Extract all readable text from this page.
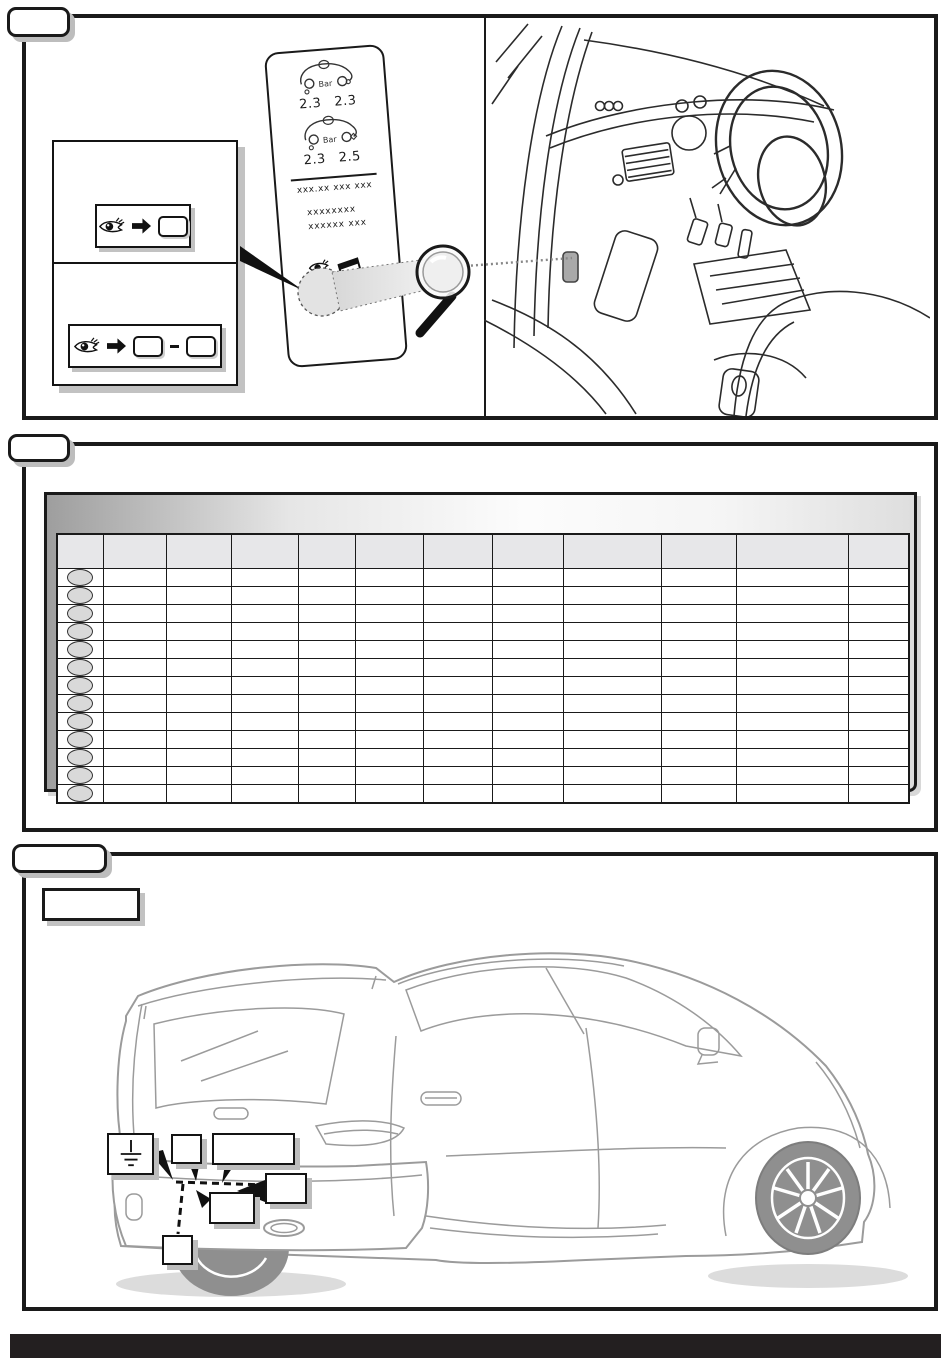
Bar
2.3 2.3
Bar
2.3 2.5
xxx.xx xxx xxx
xxxxxxxx
xxxxxx xxx
